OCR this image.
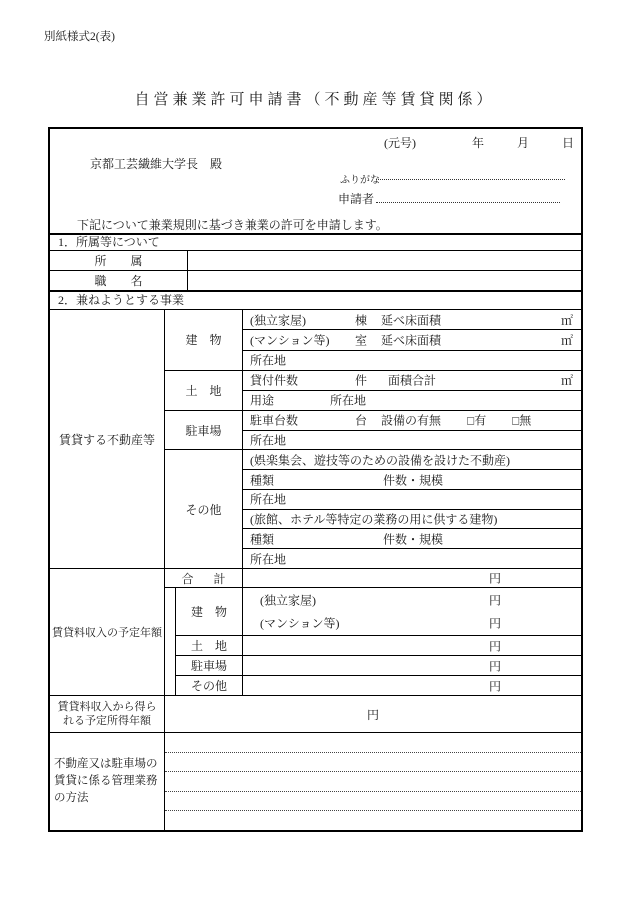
別紙様式2(表)
自営兼業許可申請書（不動産等賃貸関係）
(元号)	年	月	日
京都工芸繊維大学長　殿
ふりがな
申請者
下記について兼業規則に基づき兼業の許可を申請します。
1．所属等について
所　属
職　名
2．兼ねようとする事業
賃貸する不動産等
建　物
(独立家屋)	棟 延べ床面積	㎡
(マンション等) 室 延べ床面積	㎡
所在地
土　地
貸付件数	件 面積合計	㎡
用途	所在地
駐車場
駐車台数	台 設備の有無 □有 □無
所在地
その他
(娯楽集会、遊技等のための設備を設けた不動産)
種類	件数・規模
所在地
(旅館、ホテル等特定の業務の用に供する建物)
種類	件数・規模
所在地
賃貸料収入の予定年額
合　計	円
建　物
(独立家屋)	円
(マンション等)	円
土　地	円
駐車場	円
その他	円
賃貸料収入から得ら
れる予定所得年額	円
不動産又は駐車場の
賃貸に係る管理業務
の方法
